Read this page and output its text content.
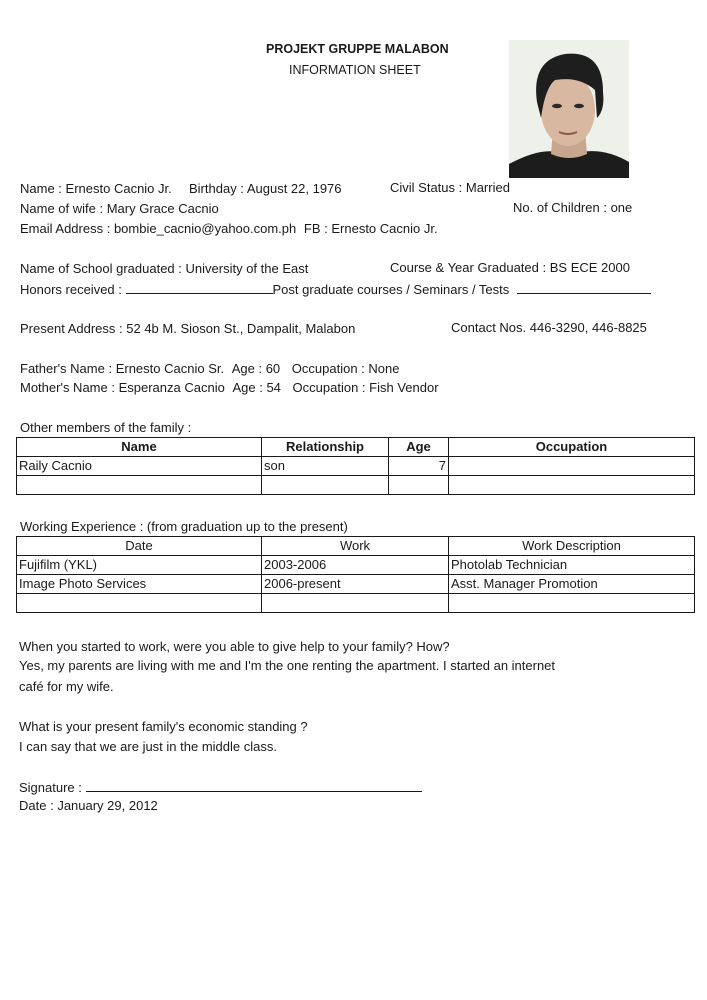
PROJEKT GRUPPE MALABON
INFORMATION SHEET
Name : Ernesto Cacnio Jr. Birthday : August 22, 1976	Civil Status : Married
Name of wife : Mary Grace Cacnio	No. of Children : one
Email Address : bombie_cacnio@yahoo.com.ph FB : Ernesto Cacnio Jr.
Name of School graduated : University of the East	Course & Year Graduated : BS ECE 2000
Honors received :	Post graduate courses / Seminars / Tests
Present Address : 52 4b M. Sioson St., Dampalit, Malabon	Contact Nos. 446-3290, 446-8825
Father's Name : Ernesto Cacnio Sr. Age : 60 Occupation : None
Mother's Name : Esperanza Cacnio Age : 54 Occupation : Fish Vendor
Other members of the family :
Name	Relationship	Age	Occupation
Raily Cacnio	son	7	

Working Experience : (from graduation up to the present)
Date	Work	Work Description
Fujifilm (YKL)	2003-2006	Photolab Technician
Image Photo Services	2006-present	Asst. Manager Promotion

When you started to work, were you able to give help to your family? How?
Yes, my parents are living with me and I'm the one renting the apartment. I started an internet
café for my wife.
What is your present family's economic standing ?
I can say that we are just in the middle class.
Signature :
Date : January 29, 2012
